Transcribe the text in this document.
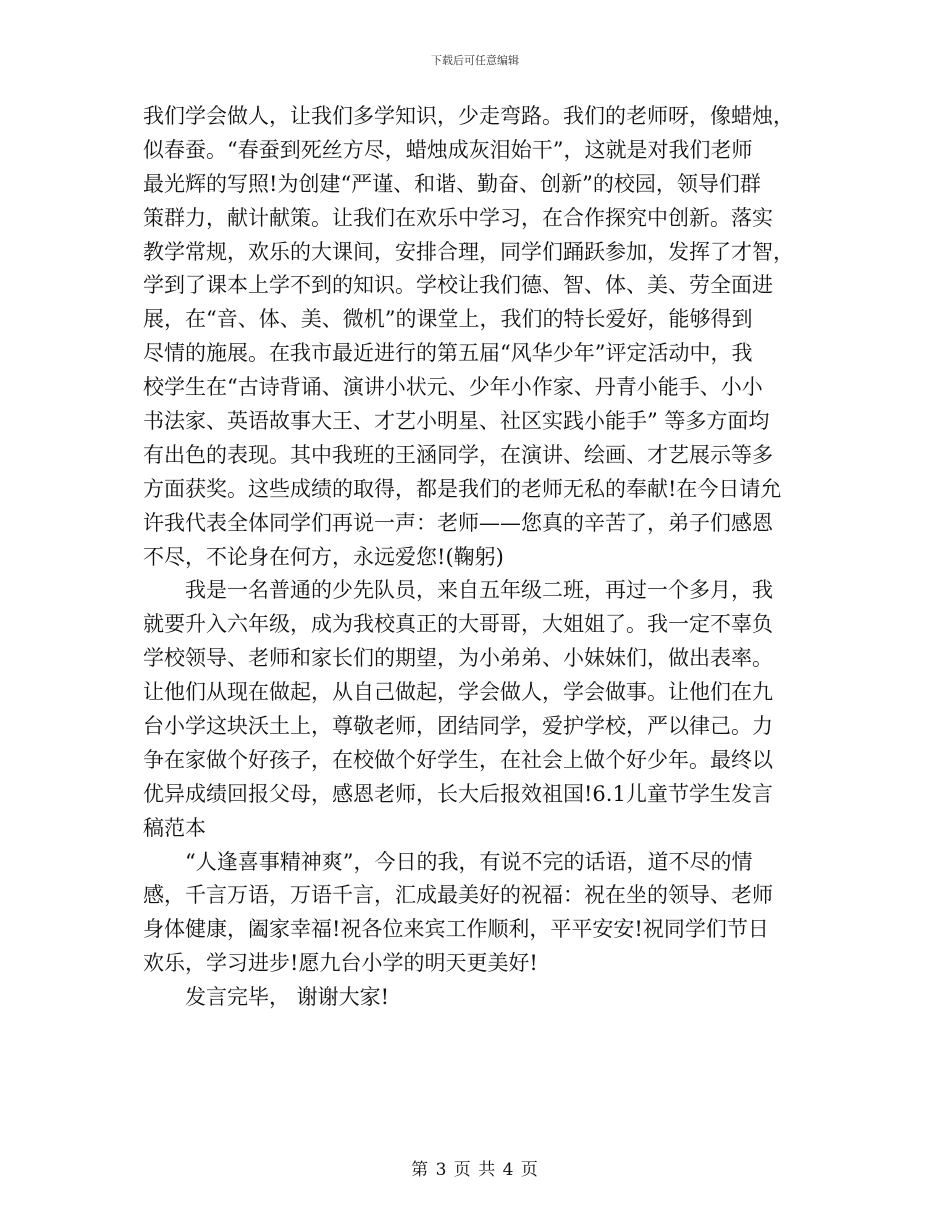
下载后可任意编辑
我们学会做人，让我们多学知识，少走弯路。我们的老师呀，像蜡烛，
似春蚕。“春蚕到死丝方尽，蜡烛成灰泪始干”，这就是对我们老师
最光辉的写照!为创建“严谨、和谐、勤奋、创新”的校园，领导们群
策群力，献计献策。让我们在欢乐中学习，在合作探究中创新。落实
教学常规，欢乐的大课间，安排合理，同学们踊跃参加，发挥了才智，
学到了课本上学不到的知识。学校让我们德、智、体、美、劳全面进
展，在“音、体、美、微机”的课堂上，我们的特长爱好，能够得到
尽情的施展。在我市最近进行的第五届“风华少年”评定活动中，我
校学生在“古诗背诵、演讲小状元、少年小作家、丹青小能手、小小
书法家、英语故事大王、才艺小明星、社区实践小能手” 等多方面均
有出色的表现。其中我班的王涵同学，在演讲、绘画、才艺展示等多
方面获奖。这些成绩的取得，都是我们的老师无私的奉献!在今日请允
许我代表全体同学们再说一声：老师——您真的辛苦了，弟子们感恩
不尽，不论身在何方，永远爱您!(鞠躬)
我是一名普通的少先队员，来自五年级二班，再过一个多月，我
就要升入六年级，成为我校真正的大哥哥，大姐姐了。我一定不辜负
学校领导、老师和家长们的期望，为小弟弟、小妹妹们，做出表率。
让他们从现在做起，从自己做起，学会做人，学会做事。让他们在九
台小学这块沃土上，尊敬老师，团结同学，爱护学校，严以律己。力
争在家做个好孩子，在校做个好学生，在社会上做个好少年。最终以
优异成绩回报父母，感恩老师，长大后报效祖国!6.1儿童节学生发言
稿范本
“人逢喜事精神爽”，今日的我，有说不完的话语，道不尽的情
感，千言万语，万语千言，汇成最美好的祝福：祝在坐的领导、老师
身体健康，阖家幸福!祝各位来宾工作顺利，平平安安!祝同学们节日
欢乐，学习进步!愿九台小学的明天更美好!
发言完毕， 谢谢大家!
第 3 页 共 4 页
